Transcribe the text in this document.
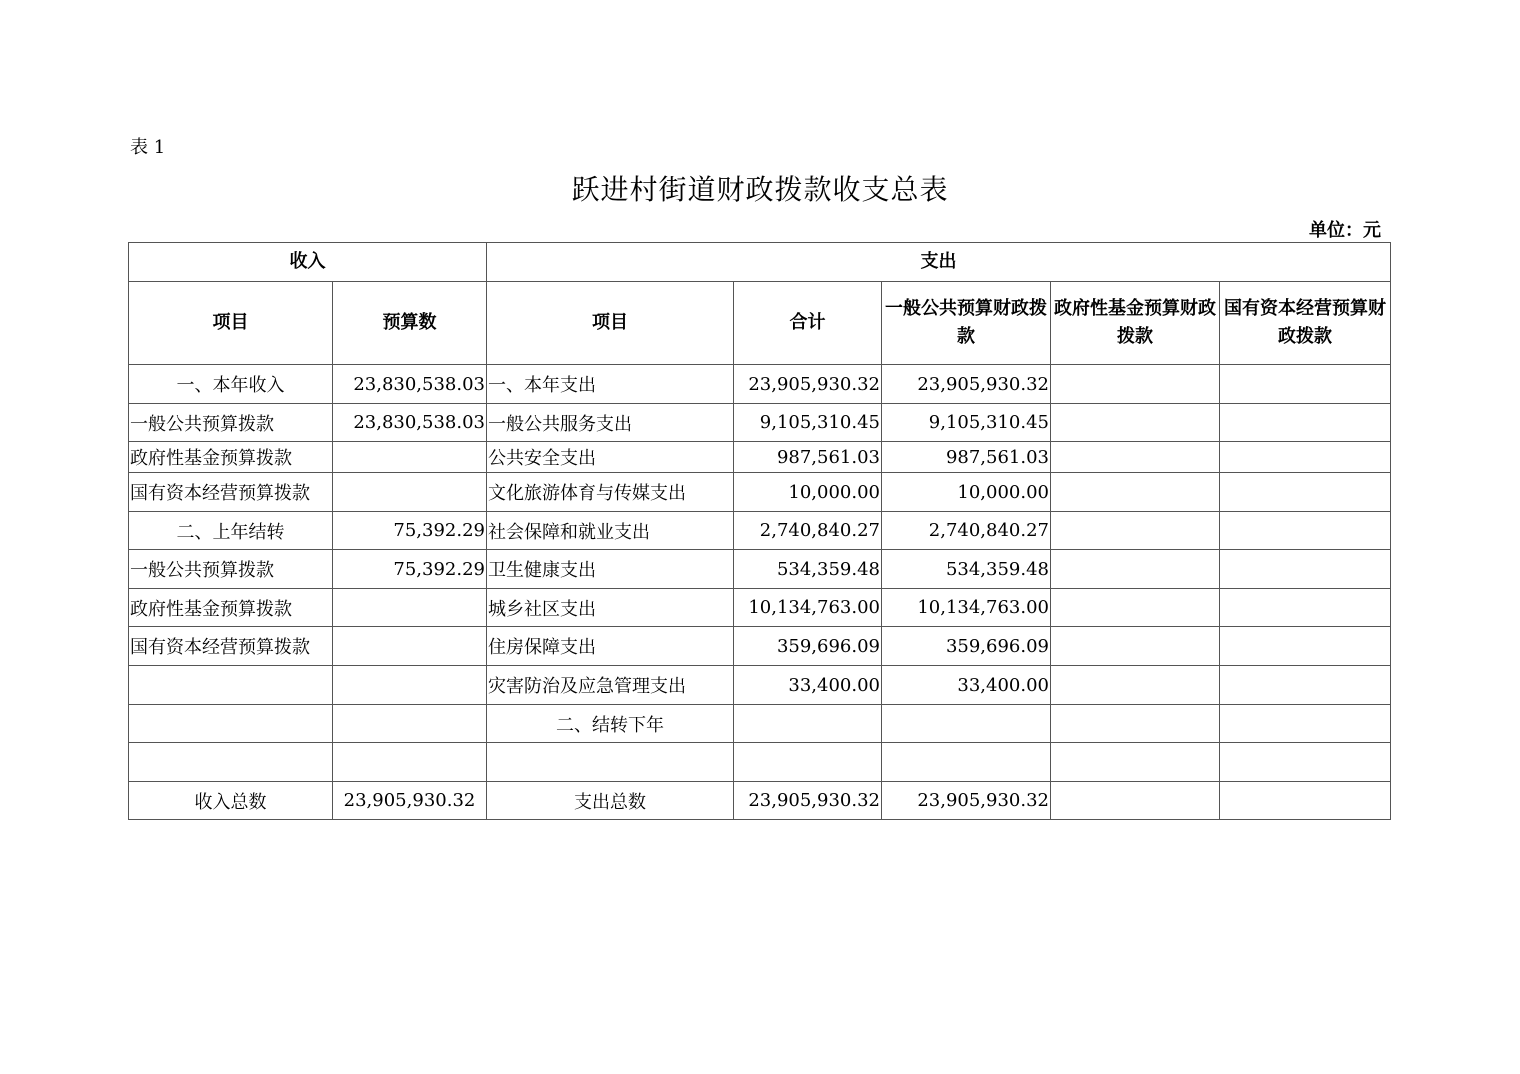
表 1
跃进村街道财政拨款收支总表
单位：元
收入		支出				
项目	预算数	项目	合计	一般公共预算财政拨款	政府性基金预算财政拨款	国有资本经营预算财政拨款
一、本年收入	23,830,538.03	一、本年支出	23,905,930.32	23,905,930.32		
一般公共预算拨款	23,830,538.03	一般公共服务支出	9,105,310.45	9,105,310.45		
政府性基金预算拨款		公共安全支出	987,561.03	987,561.03		
国有资本经营预算拨款		文化旅游体育与传媒支出	10,000.00	10,000.00		
二、上年结转	75,392.29	社会保障和就业支出	2,740,840.27	2,740,840.27		
一般公共预算拨款	75,392.29	卫生健康支出	534,359.48	534,359.48		
政府性基金预算拨款		城乡社区支出	10,134,763.00	10,134,763.00		
国有资本经营预算拨款		住房保障支出	359,696.09	359,696.09		
		灾害防治及应急管理支出	33,400.00	33,400.00		
		二、结转下年				

收入总数	23,905,930.32	支出总数	23,905,930.32	23,905,930.32		
